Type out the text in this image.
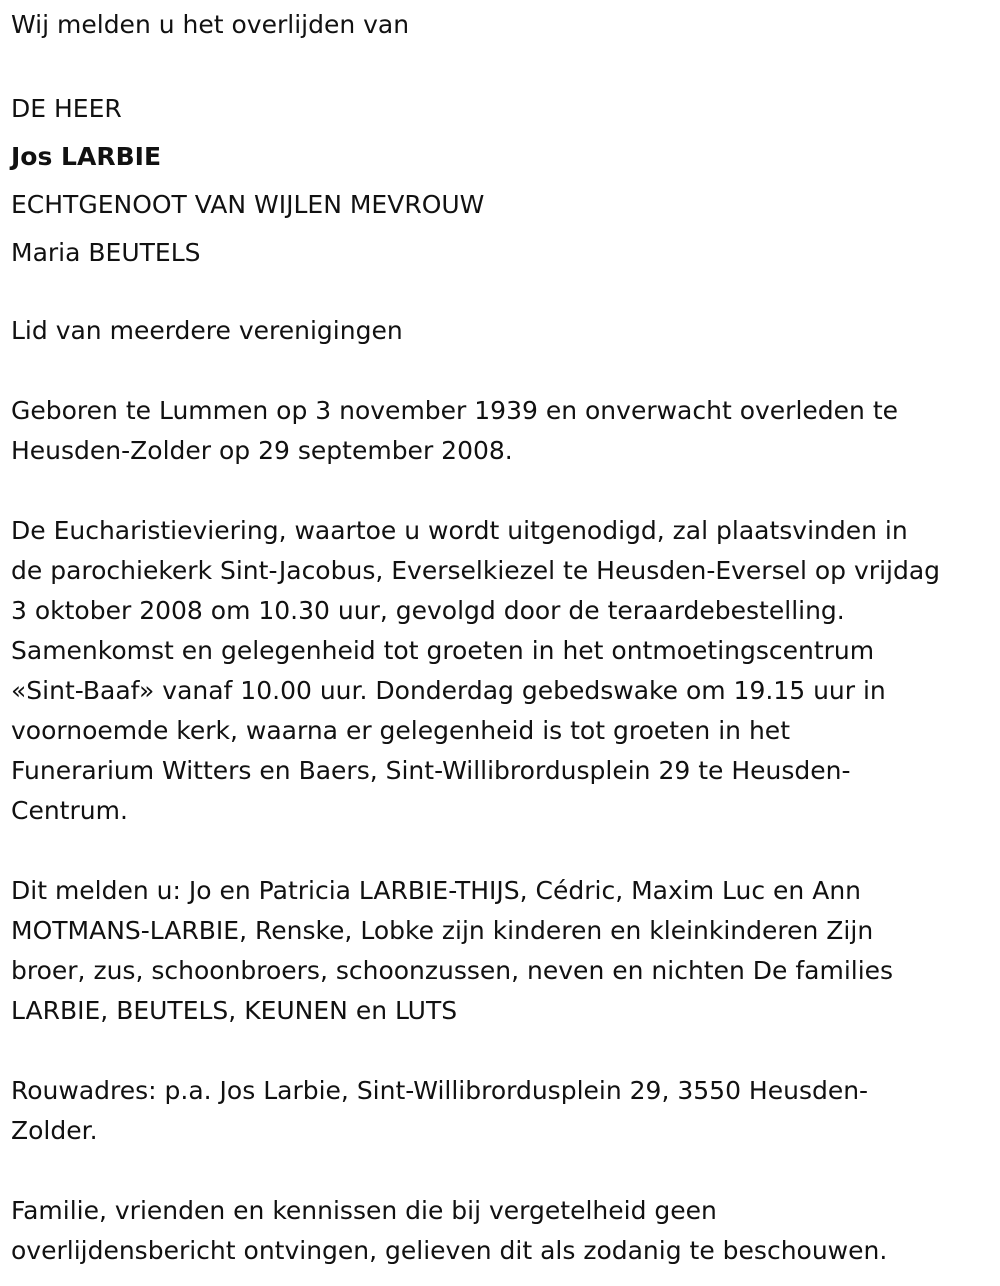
Wij melden u het overlijden van

DE HEER

Jos LARBIE

ECHTGENOOT VAN WIJLEN MEVROUW

Maria BEUTELS

Lid van meerdere verenigingen

Geboren te Lummen op 3 november 1939 en onverwacht overleden te

Heusden-Zolder op 29 september 2008.

De Eucharistieviering, waartoe u wordt uitgenodigd, zal plaatsvinden in

de parochiekerk Sint-Jacobus, Everselkiezel te Heusden-Eversel op vrijdag

3 oktober 2008 om 10.30 uur, gevolgd door de teraardebestelling.

Samenkomst en gelegenheid tot groeten in het ontmoetingscentrum

«Sint-Baaf» vanaf 10.00 uur. Donderdag gebedswake om 19.15 uur in

voornoemde kerk, waarna er gelegenheid is tot groeten in het

Funerarium Witters en Baers, Sint-Willibrordusplein 29 te Heusden-

Centrum.

Dit melden u: Jo en Patricia LARBIE-THIJS, Cédric, Maxim Luc en Ann

MOTMANS-LARBIE, Renske, Lobke zijn kinderen en kleinkinderen Zijn

broer, zus, schoonbroers, schoonzussen, neven en nichten De families

LARBIE, BEUTELS, KEUNEN en LUTS

Rouwadres: p.a. Jos Larbie, Sint-Willibrordusplein 29, 3550 Heusden-

Zolder.

Familie, vrienden en kennissen die bij vergetelheid geen

overlijdensbericht ontvingen, gelieven dit als zodanig te beschouwen.
